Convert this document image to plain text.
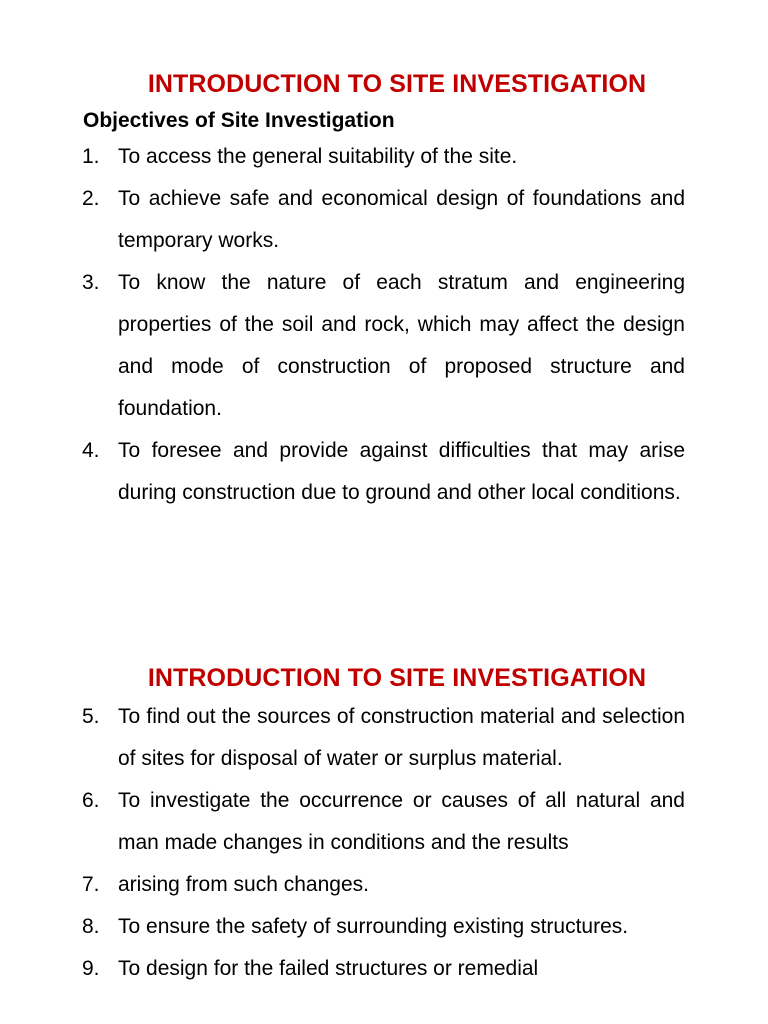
INTRODUCTION TO SITE INVESTIGATION
Objectives of Site Investigation
1. To access the general suitability of the site.
2. To achieve safe and economical design of foundations and temporary works.
3. To know the nature of each stratum and engineering properties of the soil and rock, which may affect the design and mode of construction of proposed structure and foundation.
4. To foresee and provide against difficulties that may arise during construction due to ground and other local conditions.
INTRODUCTION TO SITE INVESTIGATION
5. To find out the sources of construction material and selection of sites for disposal of water or surplus material.
6. To investigate the occurrence or causes of all natural and man made changes in conditions and the results
7. arising from such changes.
8. To ensure the safety of surrounding existing structures.
9. To design for the failed structures or remedial
